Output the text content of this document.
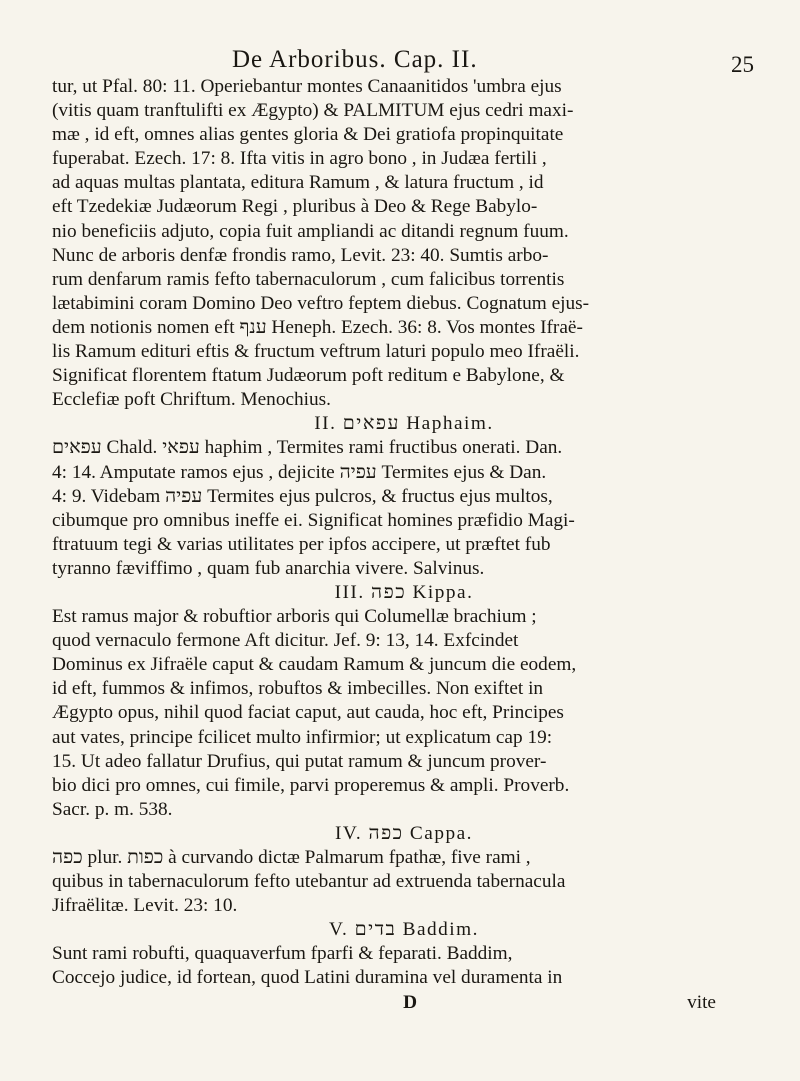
De Arboribus. Cap. II.	25

tur, ut Pfal. 80: 11. Operiebantur montes Canaanitidos 'umbra ejus

(vitis quam tranftulifti ex Ægypto) & PALMITUM ejus cedri maxi-

mæ , id eft, omnes alias gentes gloria & Dei gratiofa propinquitate

fuperabat. Ezech. 17: 8. Ifta vitis in agro bono , in Judæa fertili ,

ad aquas multas plantata, editura Ramum , & latura fructum , id

eft Tzedekiæ Judæorum Regi , pluribus à Deo & Rege Babylo-

nio beneficiis adjuto, copia fuit ampliandi ac ditandi regnum fuum.

Nunc de arboris denfæ frondis ramo, Levit. 23: 40. Sumtis arbo-

rum denfarum ramis fefto tabernaculorum , cum falicibus torrentis

lætabimini coram Domino Deo veftro feptem diebus. Cognatum ejus-

dem notionis nomen eft ענף Heneph. Ezech. 36: 8. Vos montes Ifraë-

lis Ramum edituri eftis & fructum veftrum laturi populo meo Ifraëli.

Significat florentem ftatum Judæorum poft reditum e Babylone, &

Ecclefiæ poft Chriftum. Menochius.

II. עפאים Haphaim.

עפאים Chald. עפאי haphim , Termites rami fructibus onerati. Dan.

4: 14. Amputate ramos ejus , dejicite עפיה Termites ejus & Dan.

4: 9. Videbam עפיה Termites ejus pulcros, & fructus ejus multos,

cibumque pro omnibus ineffe ei. Significat homines præfidio Magi-

ftratuum tegi & varias utilitates per ipfos accipere, ut præftet fub

tyranno fæviffimo , quam fub anarchia vivere. Salvinus.

III. כפה Kippa.

Est ramus major & robuftior arboris qui Columellæ brachium ;

quod vernaculo fermone Aft dicitur. Jef. 9: 13, 14. Exfcindet

Dominus ex Jifraële caput & caudam Ramum & juncum die eodem,

id eft, fummos & infimos, robuftos & imbecilles. Non exiftet in

Ægypto opus, nihil quod faciat caput, aut cauda, hoc eft, Principes

aut vates, principe fcilicet multo infirmior; ut explicatum cap 19:

15. Ut adeo fallatur Drufius, qui putat ramum & juncum prover-

bio dici pro omnes, cui fimile, parvi properemus & ampli. Proverb.

Sacr. p. m. 538.

IV. כפה Cappa.

כפה plur. כפות à curvando dictæ Palmarum fpathæ, five rami ,

quibus in tabernaculorum fefto utebantur ad extruenda tabernacula

Jifraëlitæ. Levit. 23: 10.

V. בדים Baddim.

Sunt rami robufti, quaquaverfum fparfi & feparati. Baddim,

Coccejo judice, id fortean, quod Latini duramina vel duramenta in

D	vite
